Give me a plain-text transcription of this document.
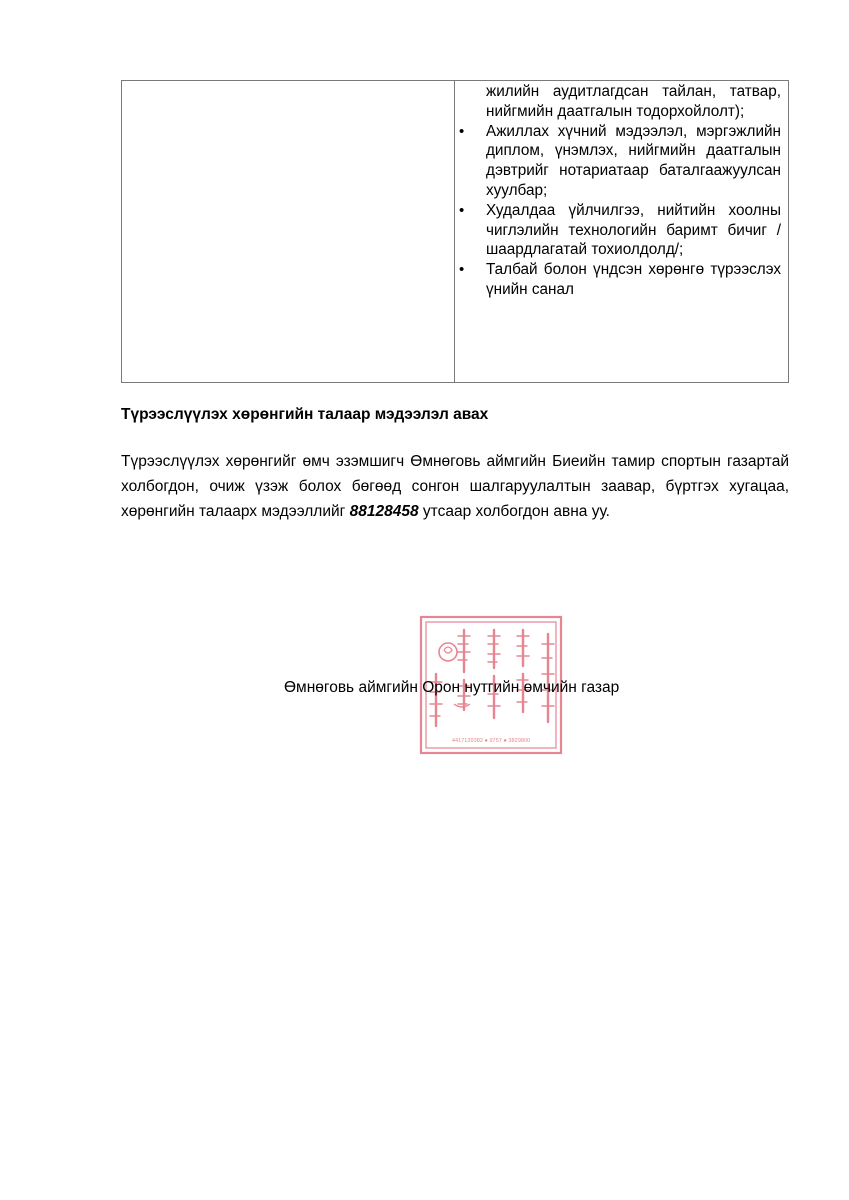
жилийн аудитлагдсан тайлан, татвар, нийгмийн даатгалын тодорхойлолт);
• Ажиллах хүчний мэдээлэл, мэргэжлийн диплом, үнэмлэх, нийгмийн даатгалын дэвтрийг нотариатаар баталгаажуулсан хуулбар;
• Худалдаа үйлчилгээ, нийтийн хоолны чиглэлийн технологийн баримт бичиг /шаардлагатай тохиолдолд/;
• Талбай болон үндсэн хөрөнгө түрээслэх үнийн санал
Түрээслүүлэх хөрөнгийн талаар мэдээлэл авах

Түрээслүүлэх хөрөнгийг өмч эзэмшигч Өмнөговь аймгийн Биеийн тамир спортын газартай холбогдон, очиж үзэж болох бөгөөд сонгон шалгаруулалтын заавар, бүртгэх хугацаа, хөрөнгийн талаарх мэдээллийг 88128458 утсаар холбогдон авна уу.

4417139382 ● 9757 ● 3829800

Өмнөговь аймгийн Орон нутгийн өмчийн газар
